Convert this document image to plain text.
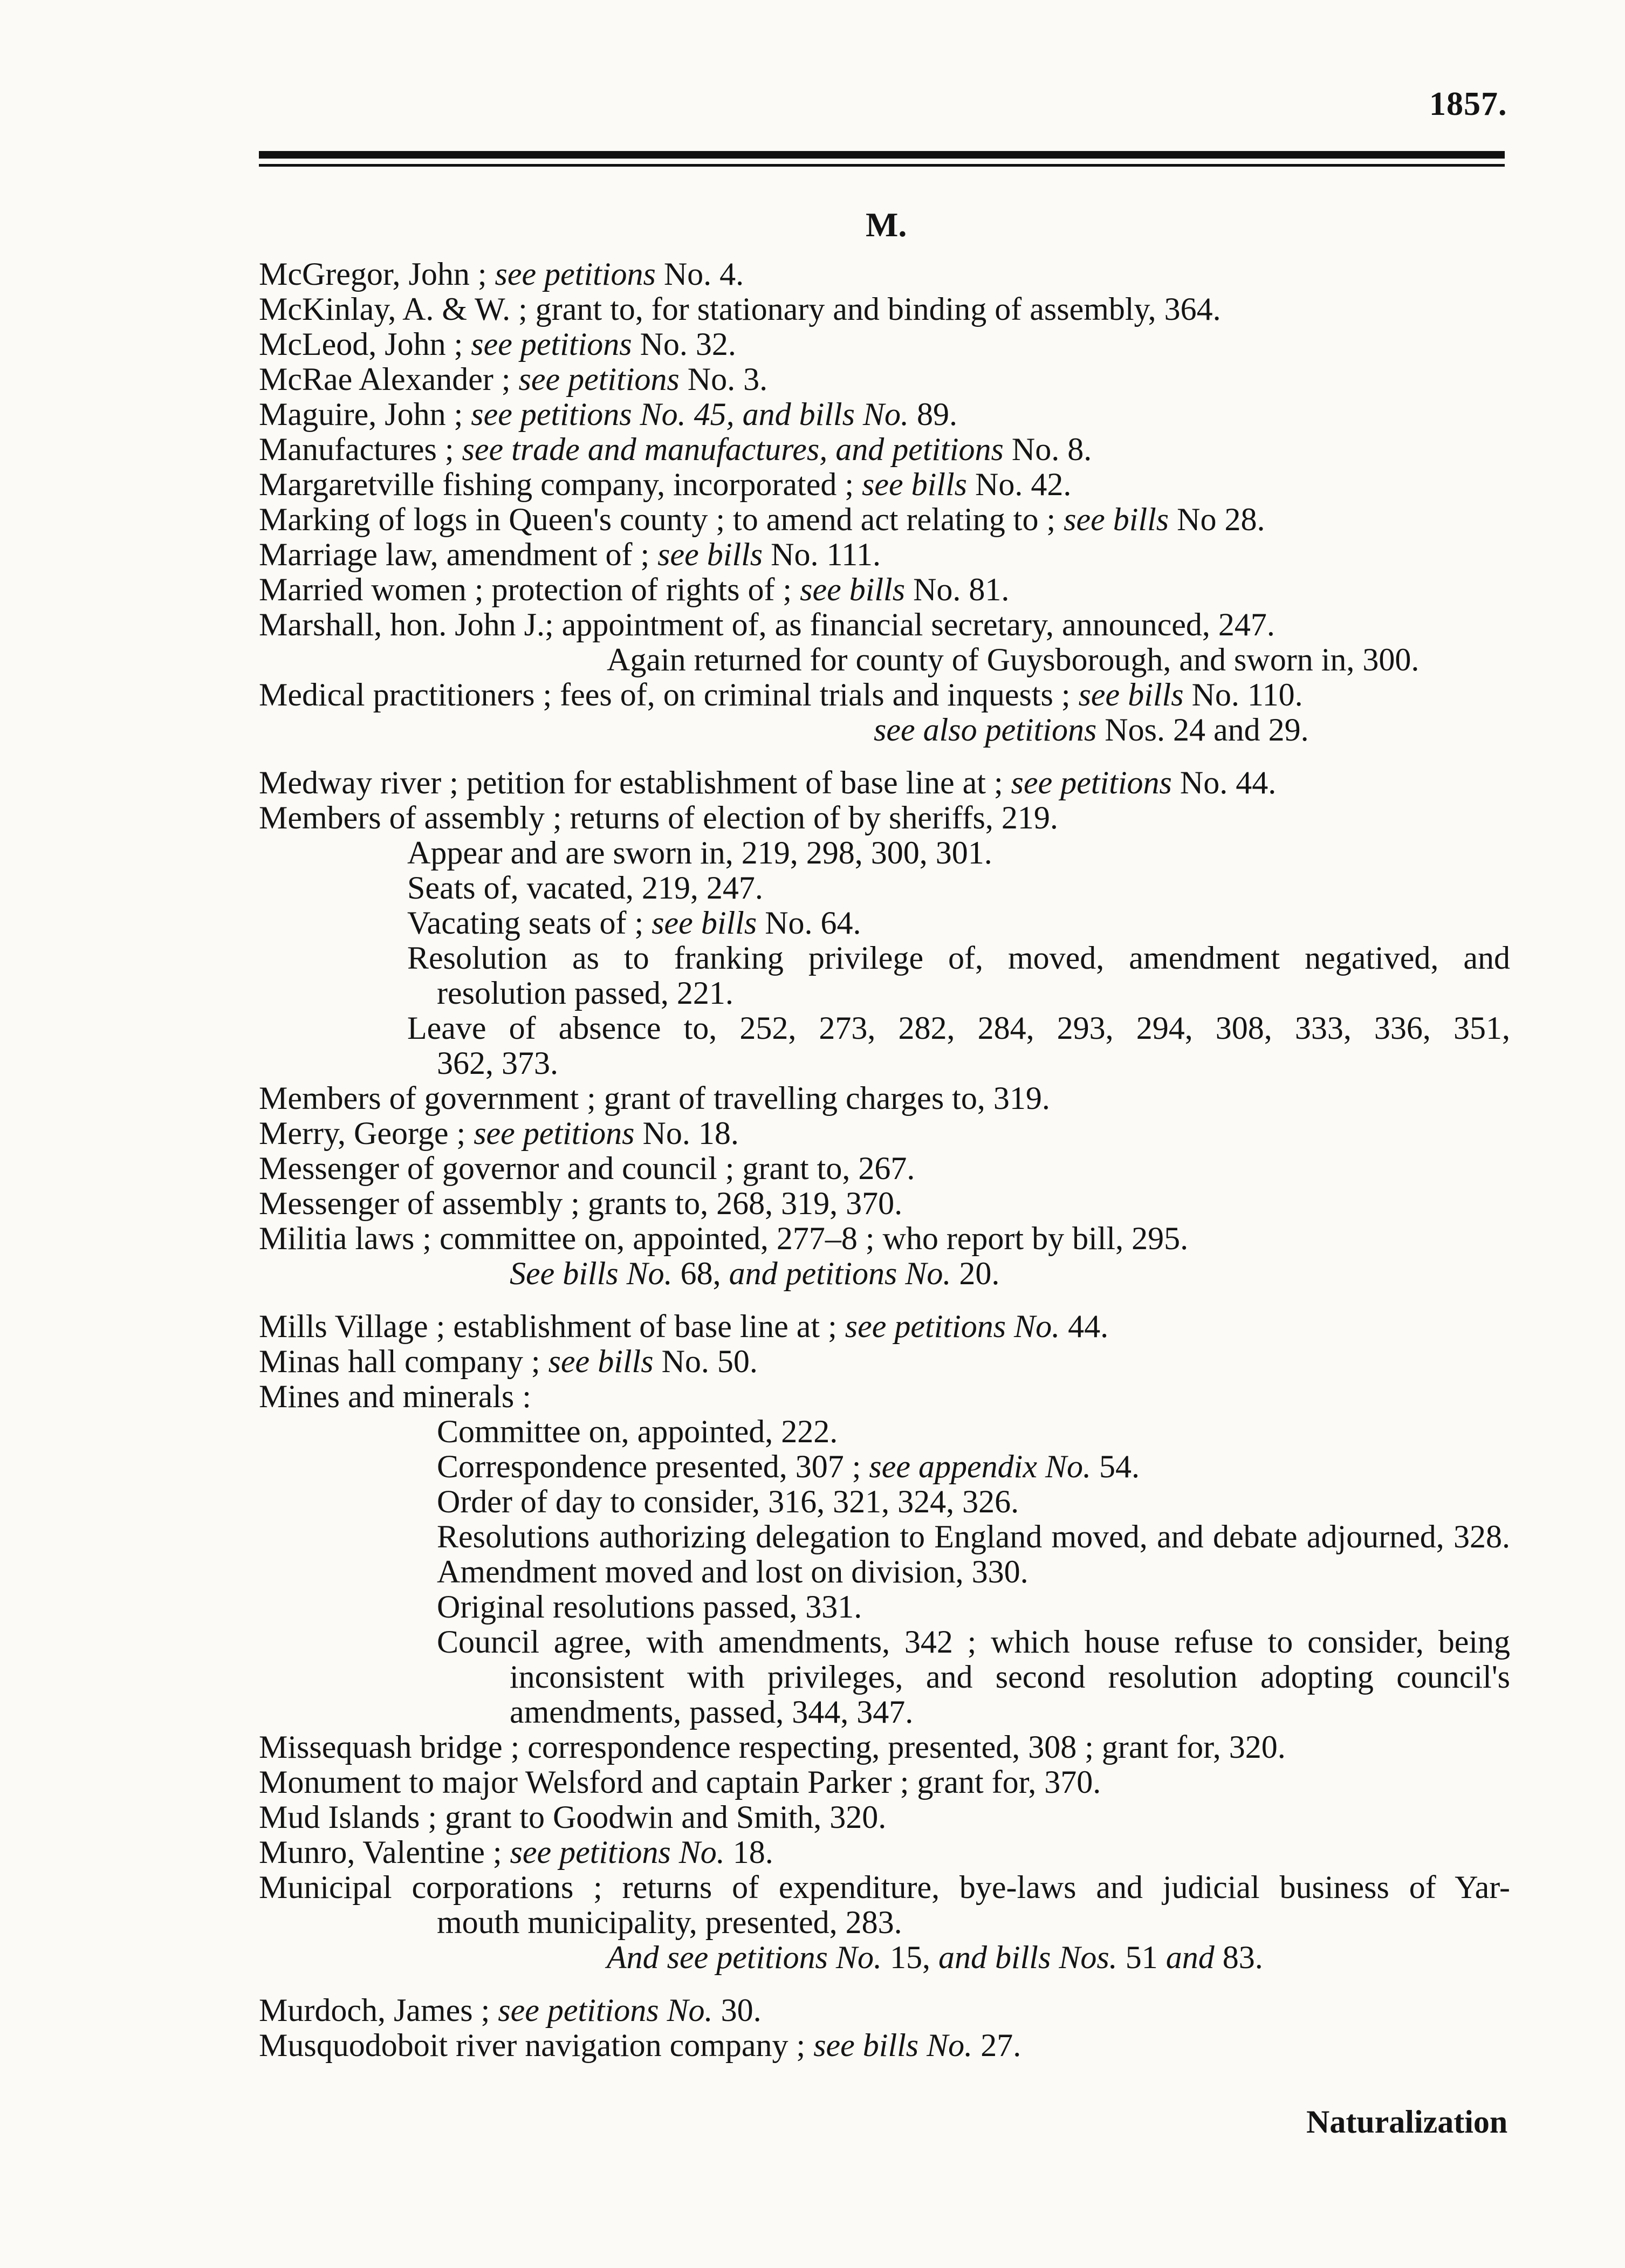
1857.
M.
McGregor, John ; see petitions No. 4.
McKinlay, A. & W. ; grant to, for stationary and binding of assembly, 364.
McLeod, John ; see petitions No. 32.
McRae Alexander ; see petitions No. 3.
Maguire, John ; see petitions No. 45, and bills No. 89.
Manufactures ; see trade and manufactures, and petitions No. 8.
Margaretville fishing company, incorporated ; see bills No. 42.
Marking of logs in Queen's county ; to amend act relating to ; see bills No 28.
Marriage law, amendment of ; see bills No. 111.
Married women ; protection of rights of ; see bills No. 81.
Marshall, hon. John J.; appointment of, as financial secretary, announced, 247.
Again returned for county of Guysborough, and sworn in, 300.
Medical practitioners ; fees of, on criminal trials and inquests ; see bills No. 110.
see also petitions Nos. 24 and 29.
Medway river ; petition for establishment of base line at ; see petitions No. 44.
Members of assembly ; returns of election of by sheriffs, 219.
Appear and are sworn in, 219, 298, 300, 301.
Seats of, vacated, 219, 247.
Vacating seats of ; see bills No. 64.
Resolution as to franking privilege of, moved, amendment negatived, and
resolution passed, 221.
Leave of absence to, 252, 273, 282, 284, 293, 294, 308, 333, 336, 351,
362, 373.
Members of government ; grant of travelling charges to, 319.
Merry, George ; see petitions No. 18.
Messenger of governor and council ; grant to, 267.
Messenger of assembly ; grants to, 268, 319, 370.
Militia laws ; committee on, appointed, 277–8 ; who report by bill, 295.
See bills No. 68, and petitions No. 20.
Mills Village ; establishment of base line at ; see petitions No. 44.
Minas hall company ; see bills No. 50.
Mines and minerals :
Committee on, appointed, 222.
Correspondence presented, 307 ; see appendix No. 54.
Order of day to consider, 316, 321, 324, 326.
Resolutions authorizing delegation to England moved, and debate adjourned, 328.
Amendment moved and lost on division, 330.
Original resolutions passed, 331.
Council agree, with amendments, 342 ; which house refuse to consider, being
inconsistent with privileges, and second resolution adopting council's
amendments, passed, 344, 347.
Missequash bridge ; correspondence respecting, presented, 308 ; grant for, 320.
Monument to major Welsford and captain Parker ; grant for, 370.
Mud Islands ; grant to Goodwin and Smith, 320.
Munro, Valentine ; see petitions No. 18.
Municipal corporations ; returns of expenditure, bye-laws and judicial business of Yar-
mouth municipality, presented, 283.
And see petitions No. 15, and bills Nos. 51 and 83.
Murdoch, James ; see petitions No. 30.
Musquodoboit river navigation company ; see bills No. 27.
Naturalization
